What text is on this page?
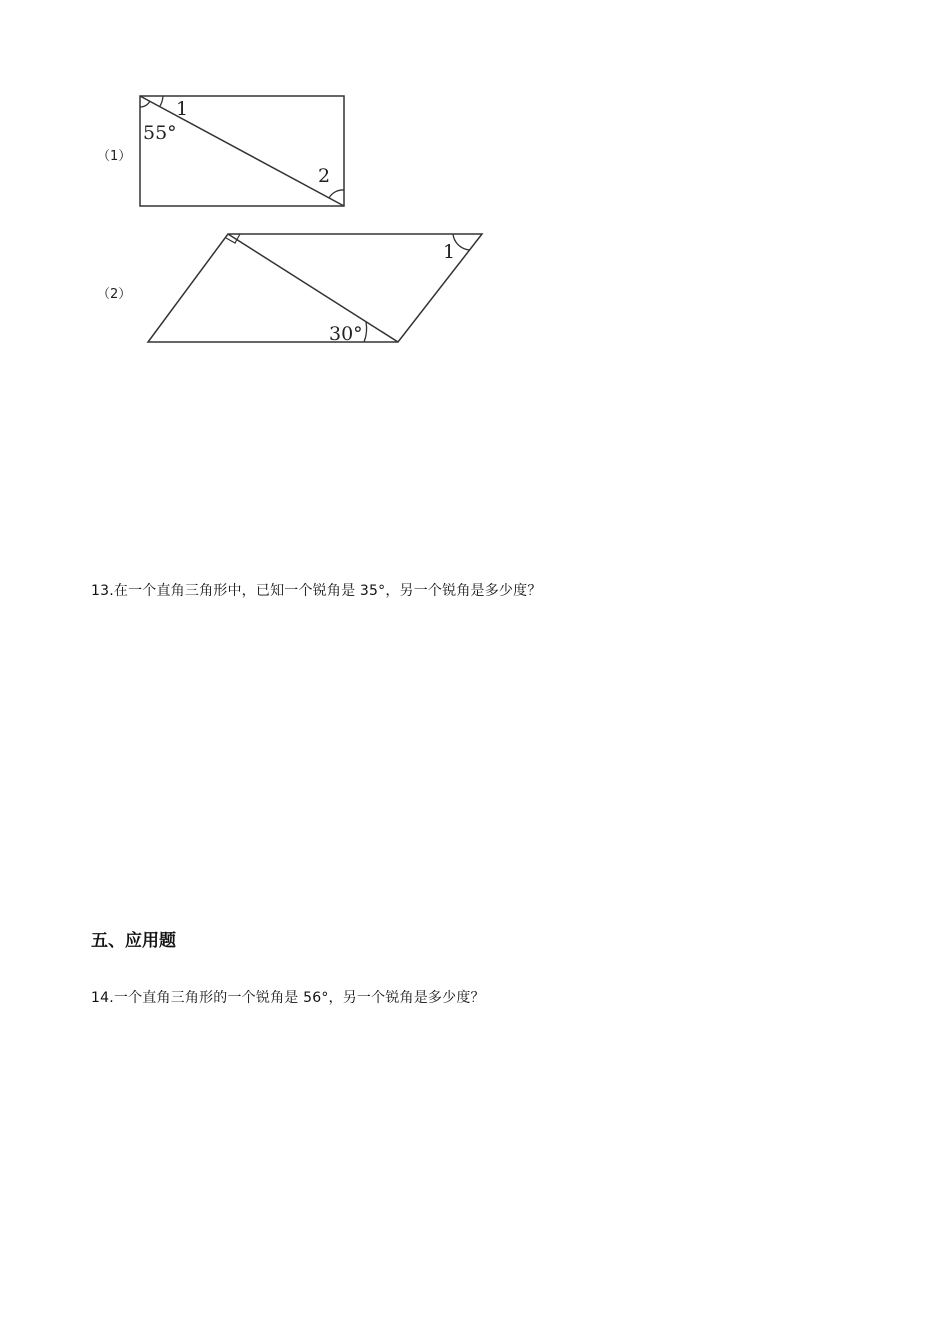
（1）
55°
1
2
（2）
1
30°
13.在一个直角三角形中，已知一个锐角是 35°，另一个锐角是多少度？
五、应用题
14.一个直角三角形的一个锐角是 56°，另一个锐角是多少度？
